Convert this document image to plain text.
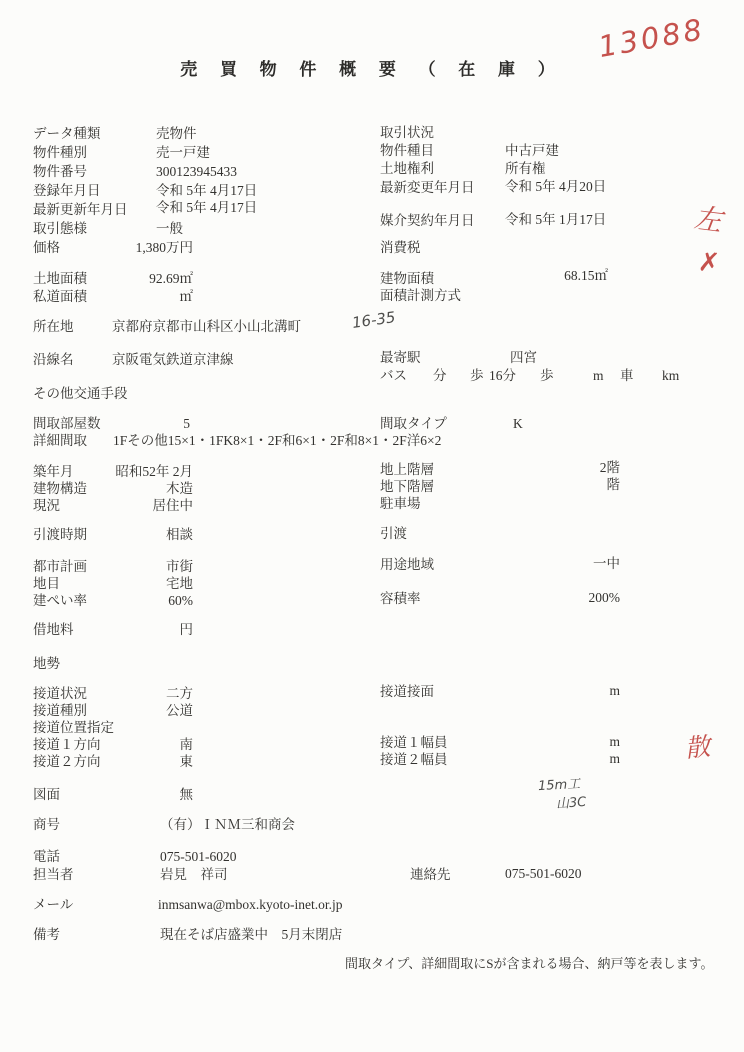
売 買 物 件 概 要 （ 在 庫 ）
13088
データ種類	売物件
物件種別	売一戸建
物件番号	300123945433
登録年月日	令和 5年 4月17日
最新更新年月日 令和 5年 4月17日
取引態様	一般
取引状況
物件種目	中古戸建
土地権利	所有権
最新変更年月日 令和 5年 4月20日
媒介契約年月日 令和 5年 1月17日	左
✗
価格	1,380万円	消費税
土地面積	92.69㎡	建物面積	68.15㎡
私道面積	㎡	面積計測方式
所在地	京都府京都市山科区小山北溝町	16-35
沿線名	京阪電気鉄道京津線	最寄駅	四宮
バス 分 歩 16分 歩	m 車 km
その他交通手段
間取部屋数	5	間取タイプ	K
詳細間取 1Fその他15×1・1FK8×1・2F和6×1・2F和8×1・2F洋6×2
築年月	昭和52年 2月	地上階層	2階
建物構造	木造	地下階層	階
現況	居住中	駐車場
引渡時期	相談	引渡
都市計画	市街	用途地域	一中
地目	宅地
建ぺい率	60%	容積率	200%
借地料	円
地勢
接道状況	二方	接道接面	m
接道種別	公道
接道位置指定
接道１方向	南	接道１幅員	m
接道２方向	東	接道２幅員	m	散
図面	無
15m工
山3C
商号	（有）ＩＮＭ三和商会
電話	075-501-6020
担当者	岩見　祥司	連絡先	075-501-6020
メール	inmsanwa@mbox.kyoto-inet.or.jp
備考	現在そば店盛業中　5月末閉店
間取タイプ、詳細間取にSが含まれる場合、納戸等を表します。
